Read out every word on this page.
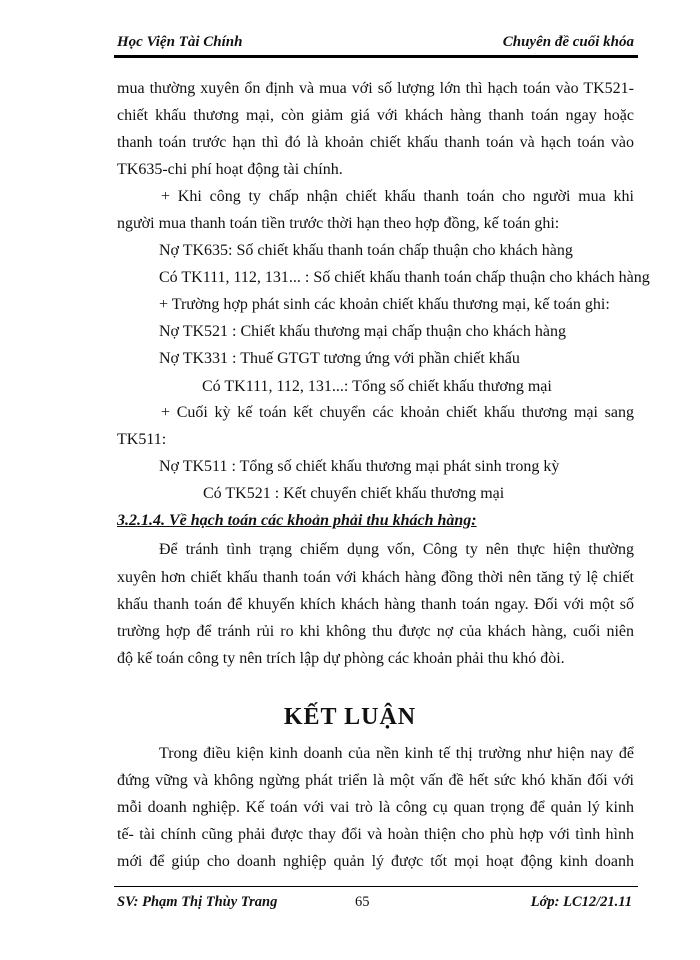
Học Viện Tài Chính	Chuyên đề cuối khóa
mua thường xuyên ổn định và mua với số lượng lớn thì hạch toán vào TK521-
chiết khấu thương mại, còn giảm giá với khách hàng thanh toán ngay hoặc
thanh toán trước hạn thì đó là khoản chiết khấu thanh toán và hạch toán vào
TK635-chi phí hoạt động tài chính.
+ Khi công ty chấp nhận chiết khấu thanh toán cho người mua khi
người mua thanh toán tiền trước thời hạn theo hợp đồng, kế toán ghi:
Nợ TK635: Số chiết khấu thanh toán chấp thuận cho khách hàng
Có TK111, 112, 131... : Số chiết khấu thanh toán chấp thuận cho khách hàng
+ Trường hợp phát sinh các khoản chiết khấu thương mại, kế toán ghi:
Nợ TK521 : Chiết khấu thương mại chấp thuận cho khách hàng
Nợ TK331 : Thuế GTGT tương ứng với phần chiết khấu
Có TK111, 112, 131...: Tổng số chiết khấu thương mại
+ Cuối kỳ kế toán kết chuyển các khoản chiết khấu thương mại sang
TK511:
Nợ TK511 : Tổng số chiết khấu thương mại phát sinh trong kỳ
Có TK521 : Kết chuyển chiết khấu thương mại
3.2.1.4. Về hạch toán các khoản phải thu khách hàng:
Để tránh tình trạng chiếm dụng vốn, Công ty nên thực hiện thường
xuyên hơn chiết khấu thanh toán với khách hàng đồng thời nên tăng tỷ lệ chiết
khấu thanh toán để khuyến khích khách hàng thanh toán ngay. Đối với một số
trường hợp để tránh rủi ro khi không thu được nợ của khách hàng, cuối niên
độ kế toán công ty nên trích lập dự phòng các khoản phải thu khó đòi.
KẾT LUẬN
Trong điều kiện kinh doanh của nền kinh tế thị trường như hiện nay để
đứng vững và không ngừng phát triển là một vấn đề hết sức khó khăn đối với
mỗi doanh nghiệp. Kế toán với vai trò là công cụ quan trọng để quản lý kinh
tế- tài chính cũng phải được thay đổi và hoàn thiện cho phù hợp với tình hình
mới để giúp cho doanh nghiệp quản lý được tốt mọi hoạt động kinh doanh
SV: Phạm Thị Thùy Trang	65	Lớp: LC12/21.11
